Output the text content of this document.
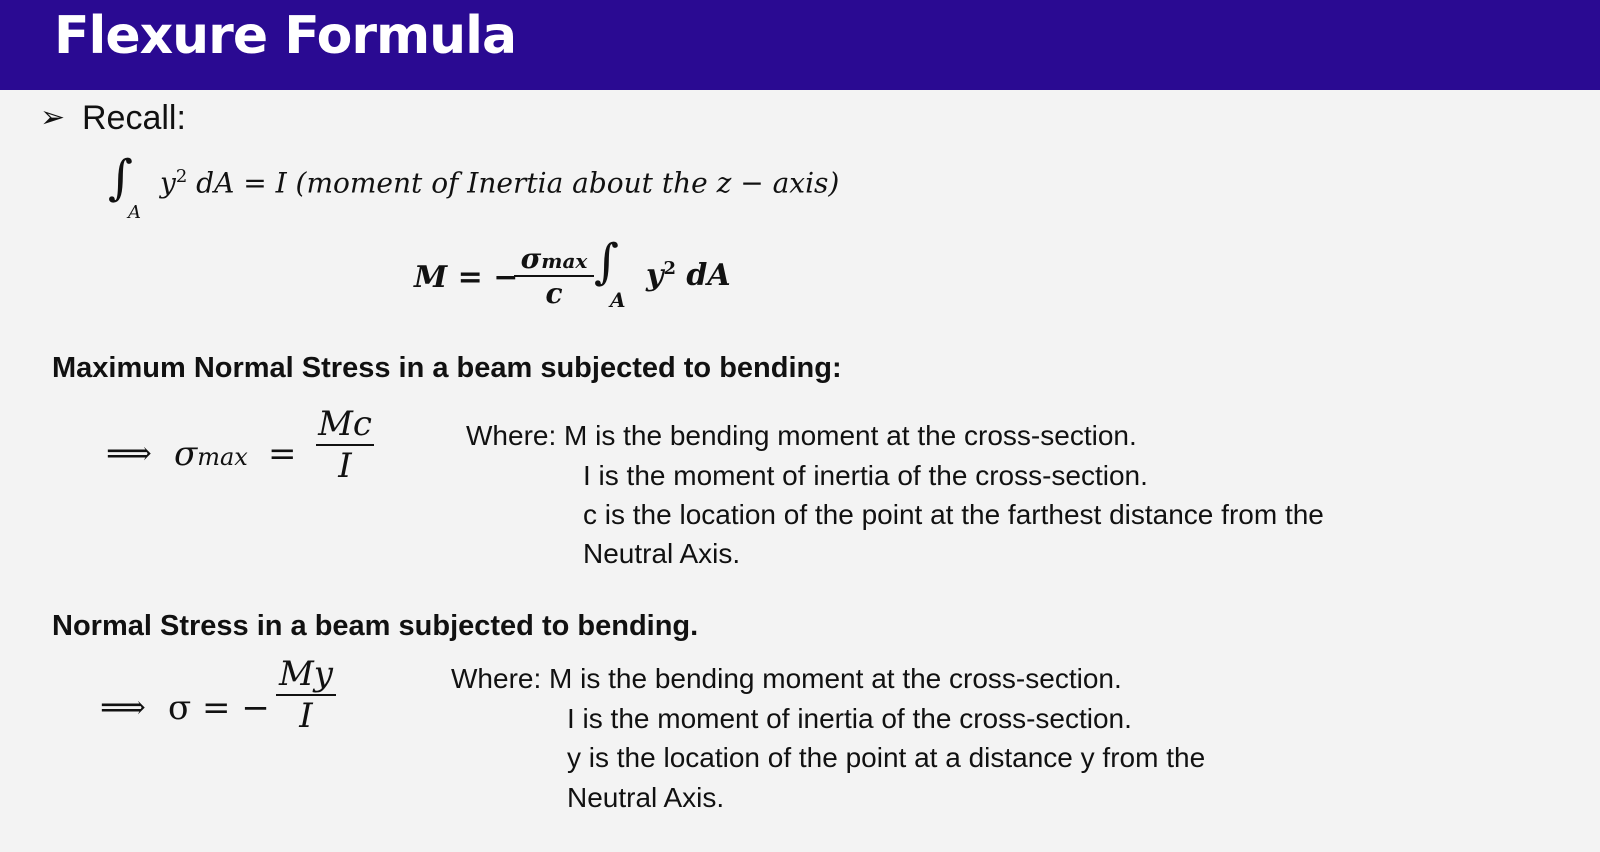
Flexure Formula
➢ Recall:
∫
A
$y^2$ dA = I (moment of Inertia about the z − axis)
M = −
σmax
c
∫
A
$y^2$ dA
Maximum Normal Stress in a beam subjected to bending:
⟹ $\sigma\max = \frac{Mc}{I}$	Where: M is the bending moment at the cross-section.
I is the moment of inertia of the cross-section.
c is the location of the point at the farthest distance from the
Neutral Axis.
Normal Stress in a beam subjected to bending.
⟹ σ = − $\frac{My}{I}$	Where: M is the bending moment at the cross-section.
I is the moment of inertia of the cross-section.
y is the location of the point at a distance y from the
Neutral Axis.
